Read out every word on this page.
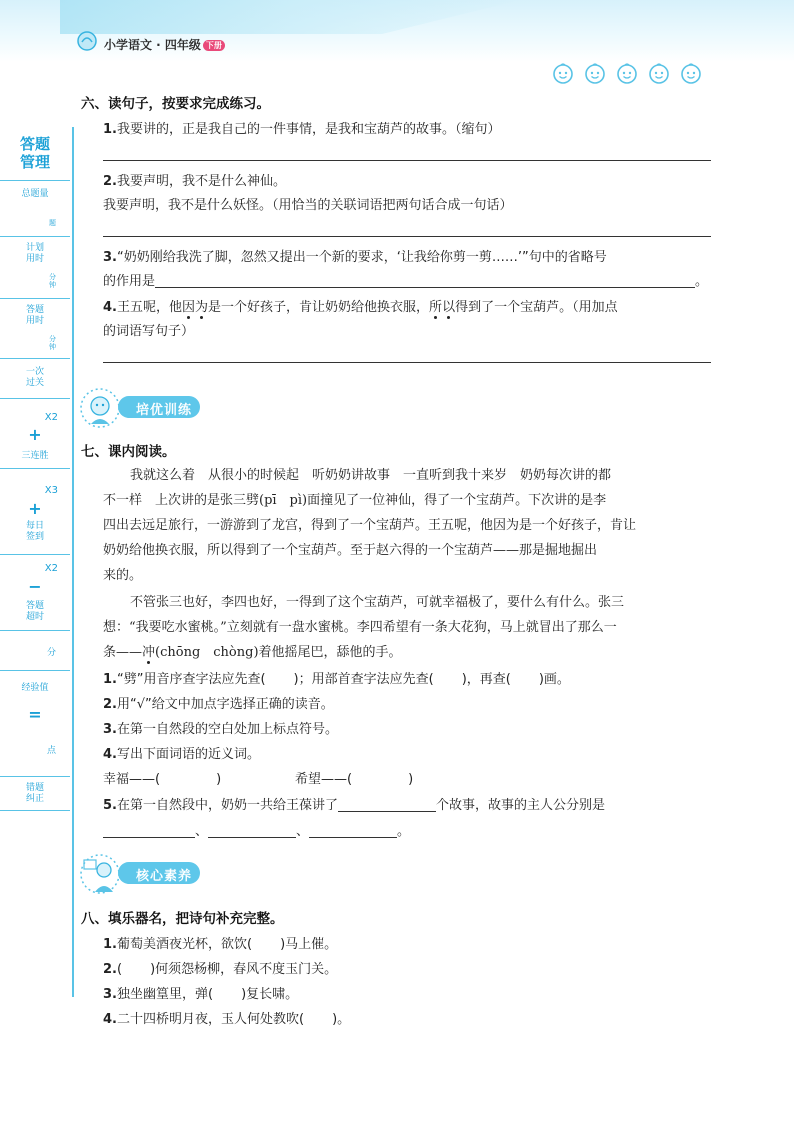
小学语文 · 四年级 下册
答题
管理
总题量
题
计划
用时
分
钟
答题
用时
分
钟
一次
过关
X2
+
三连胜
X3
+
每日
签到
X2
−
答题
超时
分
经验值
=
点
错题
纠正
六、读句子，按要求完成练习。
1.我要讲的，正是我自己的一件事情，是我和宝葫芦的故事。（缩句）
2.我要声明，我不是什么神仙。
我要声明，我不是什么妖怪。（用恰当的关联词语把两句话合成一句话）
3.“奶奶刚给我洗了脚，忽然又提出一个新的要求，‘让我给你剪一剪……’”句中的省略号
的作用是	。
4.王五呢，他因为是一个好孩子，肯让奶奶给他换衣服，所以得到了一个宝葫芦。（用加点
的词语写句子）
培优训练
七、课内阅读。
我就这么着　从很小的时候起　听奶奶讲故事　一直听到我十来岁　奶奶每次讲的都
不一样　上次讲的是张三劈(pī　pì)面撞见了一位神仙，得了一个宝葫芦。下次讲的是李
四出去远足旅行，一游游到了龙宫，得到了一个宝葫芦。王五呢，他因为是一个好孩子，肯让
奶奶给他换衣服，所以得到了一个宝葫芦。至于赵六得的一个宝葫芦——那是掘地掘出
来的。
不管张三也好，李四也好，一得到了这个宝葫芦，可就幸福极了，要什么有什么。张三
想：“我要吃水蜜桃。”立刻就有一盘水蜜桃。李四希望有一条大花狗，马上就冒出了那么一
条——冲(chōng　chòng)着他摇尾巴，舔他的手。
1.“劈”用音序查字法应先查( )；用部首查字法应先查( )，再查( )画。
2.用“√”给文中加点字选择正确的读音。
3.在第一自然段的空白处加上标点符号。
4.写出下面词语的近义词。
幸福——(	)	希望——(	)
5.在第一自然段中，奶奶一共给王葆讲了	个故事，故事的主人公分别是
、	、	。
核心素养
八、填乐器名，把诗句补充完整。
1.葡萄美酒夜光杯，欲饮( )马上催。
2.( )何须怨杨柳，春风不度玉门关。
3.独坐幽篁里，弹( )复长啸。
4.二十四桥明月夜，玉人何处教吹( )。
